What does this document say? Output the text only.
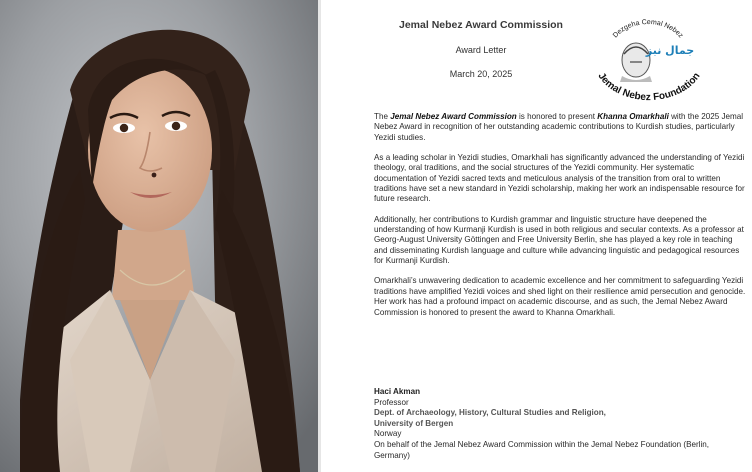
Jemal Nebez Award Commission
Award Letter
March 20, 2025
Dezgeha Cemal Nebez
جمال نبز
Jemal Nebez Foundation

The Jemal Nebez Award Commission is honored to present Khanna Omarkhali with the 2025 Jemal Nebez Award in recognition of her outstanding academic contributions to Kurdish studies, particularly Yezidi studies.

As a leading scholar in Yezidi studies, Omarkhali has significantly advanced the understanding of Yezidi theology, oral traditions, and the social structures of the Yezidi community. Her systematic documentation of Yezidi sacred texts and meticulous analysis of the transition from oral to written traditions have set a new standard in Yezidi scholarship, making her work an indispensable resource for future research.

Additionally, her contributions to Kurdish grammar and linguistic structure have deepened the understanding of how Kurmanji Kurdish is used in both religious and secular contexts. As a professor at Georg-August University Göttingen and Free University Berlin, she has played a key role in teaching and disseminating Kurdish language and culture while advancing linguistic and pedagogical resources for Kurmanji Kurdish.

Omarkhali’s unwavering dedication to academic excellence and her commitment to safeguarding Yezidi traditions have amplified Yezidi voices and shed light on their resilience amid persecution and genocide. Her work has had a profound impact on academic discourse, and as such, the Jemal Nebez Award Commission is honored to present the award to Khanna Omarkhali.

Haci Akman
Professor
Dept. of Archaeology, History, Cultural Studies and Religion,
University of Bergen
Norway
On behalf of the Jemal Nebez Award Commission within the Jemal Nebez Foundation (Berlin, Germany)
